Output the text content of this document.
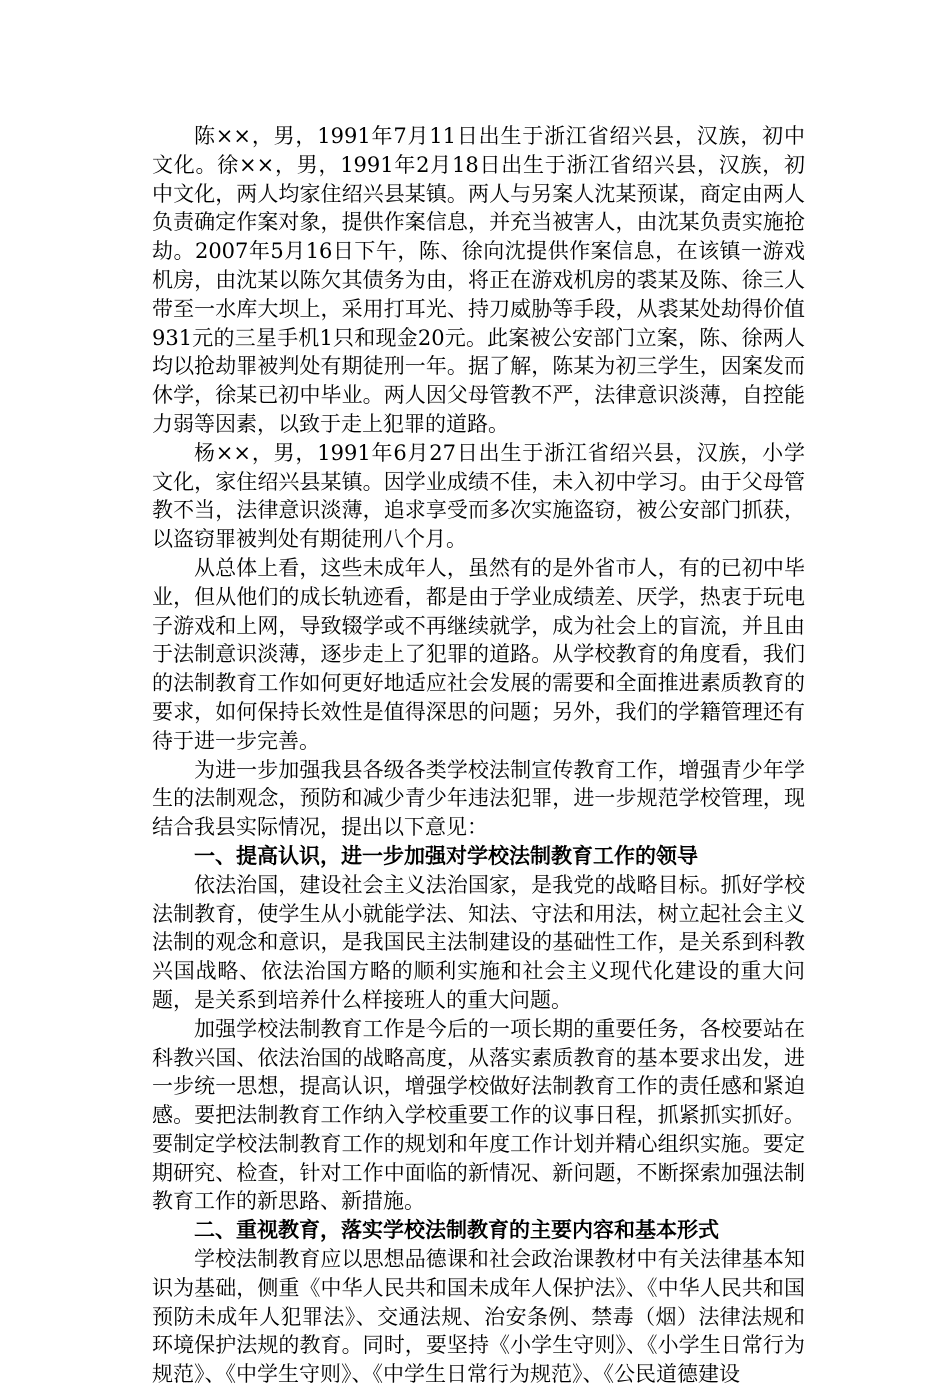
陈××，男，1991年7月11日出生于浙江省绍兴县，汉族，初中文化。徐××，男，1991年2月18日出生于浙江省绍兴县，汉族，初中文化，两人均家住绍兴县某镇。两人与另案人沈某预谋，商定由两人负责确定作案对象，提供作案信息，并充当被害人，由沈某负责实施抢劫。2007年5月16日下午，陈、徐向沈提供作案信息，在该镇一游戏机房，由沈某以陈欠其债务为由，将正在游戏机房的裘某及陈、徐三人带至一水库大坝上，采用打耳光、持刀威胁等手段，从裘某处劫得价值931元的三星手机1只和现金20元。此案被公安部门立案，陈、徐两人均以抢劫罪被判处有期徒刑一年。据了解，陈某为初三学生，因案发而休学，徐某已初中毕业。两人因父母管教不严，法律意识淡薄，自控能力弱等因素，以致于走上犯罪的道路。

杨××，男，1991年6月27日出生于浙江省绍兴县，汉族，小学文化，家住绍兴县某镇。因学业成绩不佳，未入初中学习。由于父母管教不当，法律意识淡薄，追求享受而多次实施盗窃，被公安部门抓获，以盗窃罪被判处有期徒刑八个月。

从总体上看，这些未成年人，虽然有的是外省市人，有的已初中毕业，但从他们的成长轨迹看，都是由于学业成绩差、厌学，热衷于玩电子游戏和上网，导致辍学或不再继续就学，成为社会上的盲流，并且由于法制意识淡薄，逐步走上了犯罪的道路。从学校教育的角度看，我们的法制教育工作如何更好地适应社会发展的需要和全面推进素质教育的要求，如何保持长效性是值得深思的问题；另外，我们的学籍管理还有待于进一步完善。

为进一步加强我县各级各类学校法制宣传教育工作，增强青少年学生的法制观念，预防和减少青少年违法犯罪，进一步规范学校管理，现结合我县实际情况，提出以下意见：

一、提高认识，进一步加强对学校法制教育工作的领导

依法治国，建设社会主义法治国家，是我党的战略目标。抓好学校法制教育，使学生从小就能学法、知法、守法和用法，树立起社会主义法制的观念和意识，是我国民主法制建设的基础性工作，是关系到科教兴国战略、依法治国方略的顺利实施和社会主义现代化建设的重大问题，是关系到培养什么样接班人的重大问题。

加强学校法制教育工作是今后的一项长期的重要任务，各校要站在科教兴国、依法治国的战略高度，从落实素质教育的基本要求出发，进一步统一思想，提高认识，增强学校做好法制教育工作的责任感和紧迫感。要把法制教育工作纳入学校重要工作的议事日程，抓紧抓实抓好。要制定学校法制教育工作的规划和年度工作计划并精心组织实施。要定期研究、检查，针对工作中面临的新情况、新问题，不断探索加强法制教育工作的新思路、新措施。

二、重视教育，落实学校法制教育的主要内容和基本形式

学校法制教育应以思想品德课和社会政治课教材中有关法律基本知识为基础，侧重《中华人民共和国未成年人保护法》、《中华人民共和国预防未成年人犯罪法》、交通法规、治安条例、禁毒（烟）法律法规和环境保护法规的教育。同时，要坚持《小学生守则》、《小学生日常行为规范》、《中学生守则》、《中学生日常行为规范》、《公民道德建设
